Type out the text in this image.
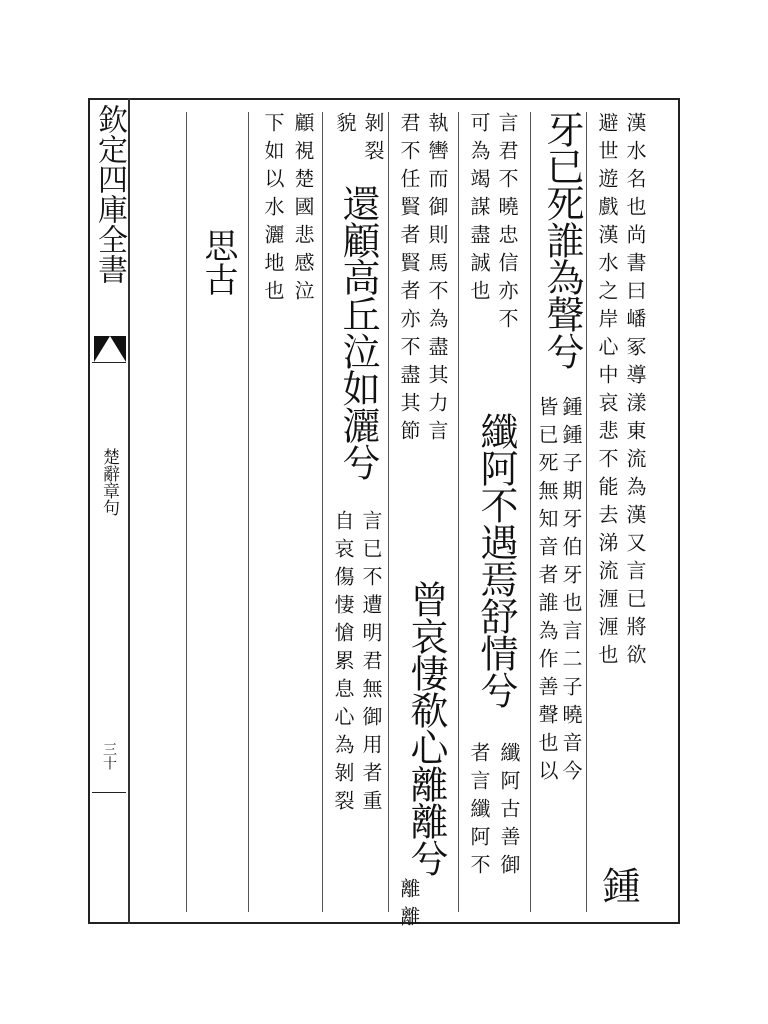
欽定四庫全書
楚辭章句
三十
漢水名也尚書曰嶓冢導漾東流為漢又言已將欲
避世遊戲漢水之岸心中哀悲不能去涕流湹湹也
鍾
牙已死誰為聲兮
鍾鍾子期牙伯牙也言二子曉音今
皆已死無知音者誰為作善聲也以
言君不曉忠信亦不
可為竭謀盡誠也
纖阿不遇焉舒情兮
纖阿古善御
者言纖阿不
執轡而御則馬不為盡其力言
君不任賢者賢者亦不盡其節
曾哀悽欷心離離兮
離離
剝裂
貌
還顧高丘泣如灑兮
言已不遭明君無御用者重
自哀傷悽愴累息心為剝裂
顧視楚國悲感泣
下如以水灑地也
思古
